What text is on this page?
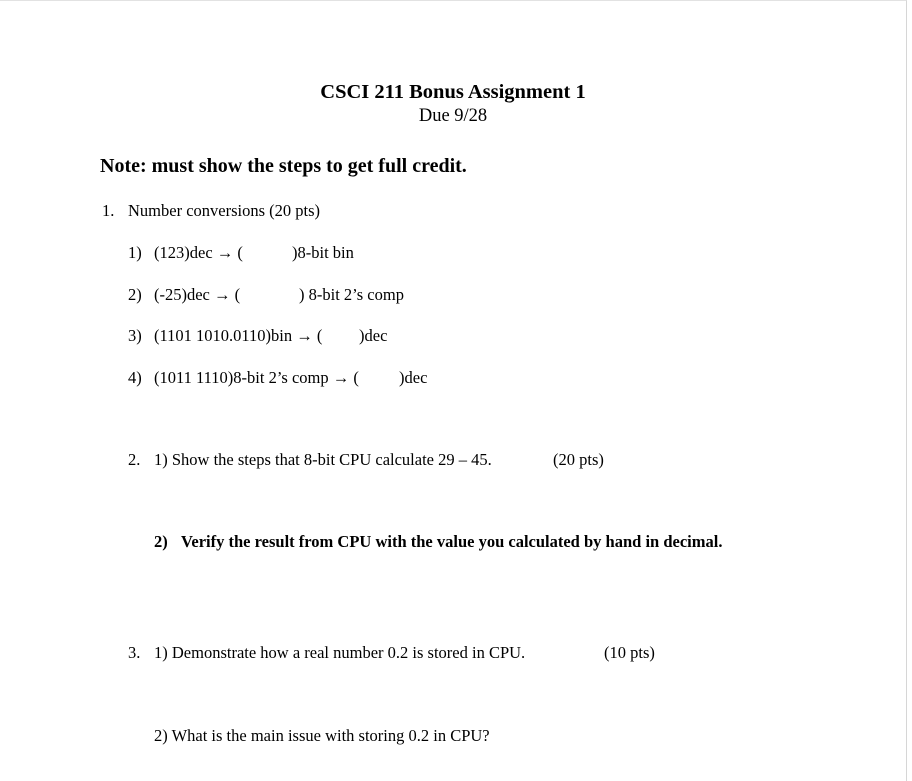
CSCI 211 Bonus Assignment 1
Due 9/28
Note: must show the steps to get full credit.
1. Number conversions (20 pts)
1) (123)dec → (	)8-bit bin
2) (-25)dec → (	) 8-bit 2’s comp
3) (1101 1010.0110)bin → ( )dec
4) (1011 1110)8-bit 2’s comp → ( )dec
2. 1) Show the steps that 8-bit CPU calculate 29 – 45.	(20 pts)
2) Verify the result from CPU with the value you calculated by hand in decimal.
3. 1) Demonstrate how a real number 0.2 is stored in CPU.	(10 pts)
2) What is the main issue with storing 0.2 in CPU?
